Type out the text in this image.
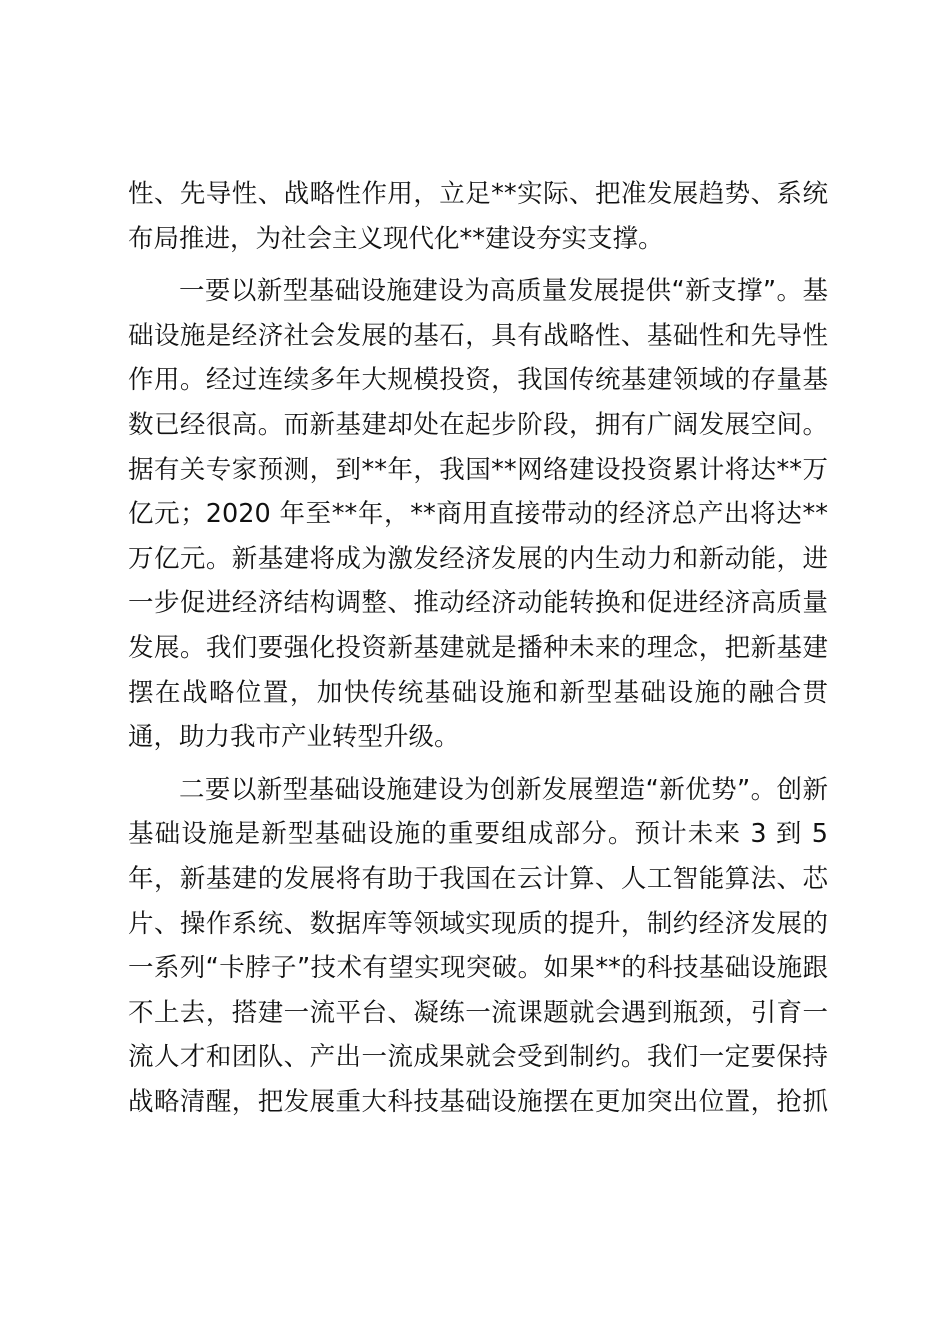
性、先导性、战略性作用，立足**实际、把准发展趋势、系统
布局推进，为社会主义现代化**建设夯实支撑。
一要以新型基础设施建设为高质量发展提供“新支撑”。基
础设施是经济社会发展的基石，具有战略性、基础性和先导性
作用。经过连续多年大规模投资，我国传统基建领域的存量基
数已经很高。而新基建却处在起步阶段，拥有广阔发展空间。
据有关专家预测，到**年，我国**网络建设投资累计将达**万
亿元；2020 年至**年，**商用直接带动的经济总产出将达**
万亿元。新基建将成为激发经济发展的内生动力和新动能，进
一步促进经济结构调整、推动经济动能转换和促进经济高质量
发展。我们要强化投资新基建就是播种未来的理念，把新基建
摆在战略位置，加快传统基础设施和新型基础设施的融合贯
通，助力我市产业转型升级。
二要以新型基础设施建设为创新发展塑造“新优势”。创新
基础设施是新型基础设施的重要组成部分。预计未来 3 到 5
年，新基建的发展将有助于我国在云计算、人工智能算法、芯
片、操作系统、数据库等领域实现质的提升，制约经济发展的
一系列“卡脖子”技术有望实现突破。如果**的科技基础设施跟
不上去，搭建一流平台、凝练一流课题就会遇到瓶颈，引育一
流人才和团队、产出一流成果就会受到制约。我们一定要保持
战略清醒，把发展重大科技基础设施摆在更加突出位置，抢抓
